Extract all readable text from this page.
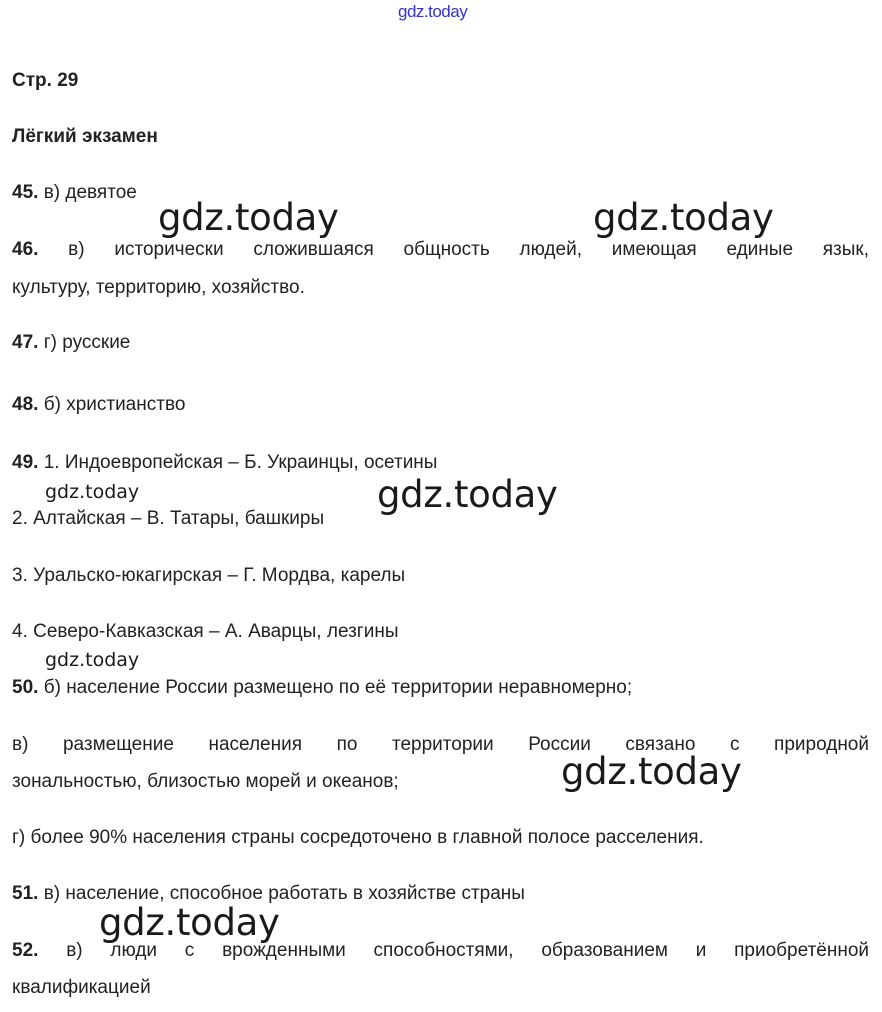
gdz.today
Стр. 29
Лёгкий экзамен
45. в) девятое
46. в) исторически сложившаяся общность людей, имеющая единые язык,
культуру, территорию, хозяйство.
47. г) русские
48. б) христианство
49. 1. Индоевропейская – Б. Украинцы, осетины
2. Алтайская – В. Татары, башкиры
3. Уральско-юкагирская – Г. Мордва, карелы
4. Северо-Кавказская – А. Аварцы, лезгины
50. б) население России размещено по её территории неравномерно;
в) размещение населения по территории России связано с природной
зональностью, близостью морей и океанов;
г) более 90% населения страны сосредоточено в главной полосе расселения.
51. в) население, способное работать в хозяйстве страны
52. в) люди с врожденными способностями, образованием и приобретённой
квалификацией
gdz.today	gdz.today
gdz.today	gdz.today
gdz.today
gdz.today
gdz.today
